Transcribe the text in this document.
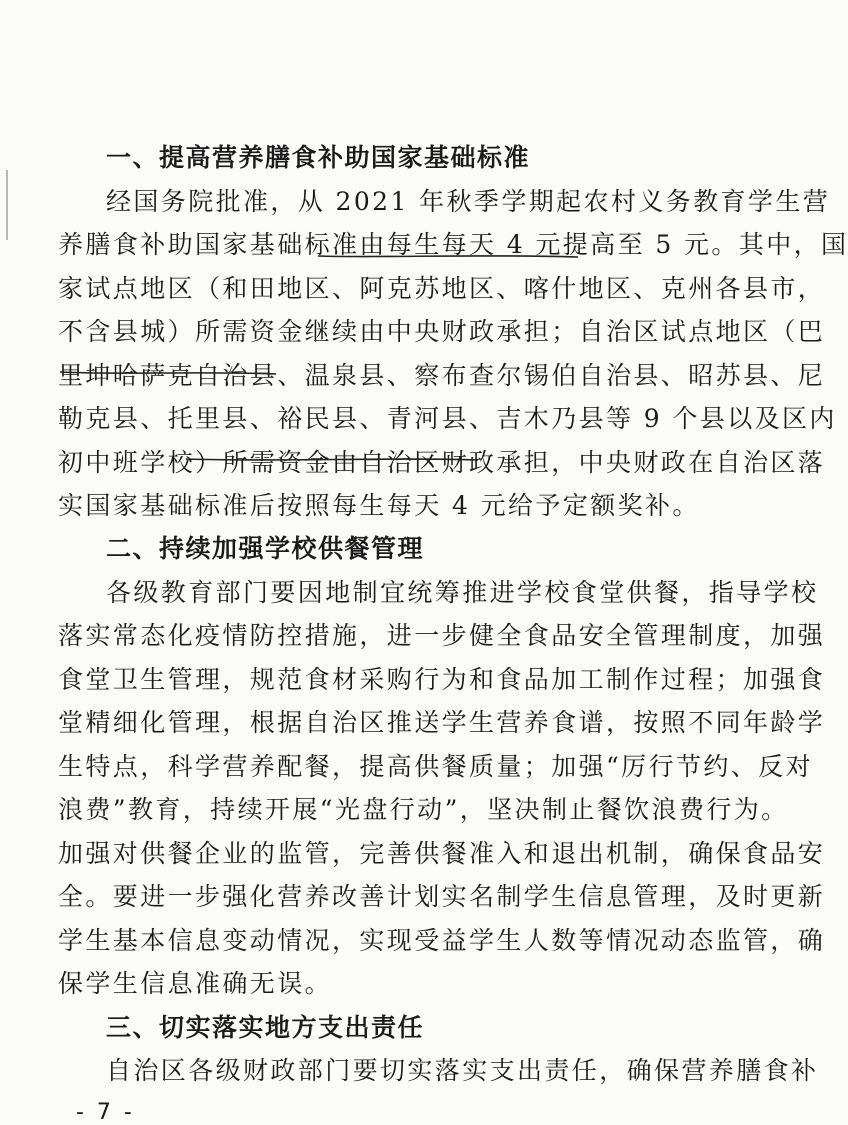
一、提高营养膳食补助国家基础标准
经国务院批准，从 2021 年秋季学期起农村义务教育学生营
养膳食补助国家基础标准由每生每天 4 元提高至 5 元。其中，国
家试点地区（和田地区、阿克苏地区、喀什地区、克州各县市，
不含县城）所需资金继续由中央财政承担；自治区试点地区（巴
里坤哈萨克自治县、温泉县、察布查尔锡伯自治县、昭苏县、尼
勒克县、托里县、裕民县、青河县、吉木乃县等 9 个县以及区内
初中班学校）所需资金由自治区财政承担，中央财政在自治区落
实国家基础标准后按照每生每天 4 元给予定额奖补。
二、持续加强学校供餐管理
各级教育部门要因地制宜统筹推进学校食堂供餐，指导学校
落实常态化疫情防控措施，进一步健全食品安全管理制度，加强
食堂卫生管理，规范食材采购行为和食品加工制作过程；加强食
堂精细化管理，根据自治区推送学生营养食谱，按照不同年龄学
生特点，科学营养配餐，提高供餐质量；加强“厉行节约、反对
浪费”教育，持续开展“光盘行动”，坚决制止餐饮浪费行为。
加强对供餐企业的监管，完善供餐准入和退出机制，确保食品安
全。要进一步强化营养改善计划实名制学生信息管理，及时更新
学生基本信息变动情况，实现受益学生人数等情况动态监管，确
保学生信息准确无误。
三、切实落实地方支出责任
自治区各级财政部门要切实落实支出责任，确保营养膳食补
- 7 -
